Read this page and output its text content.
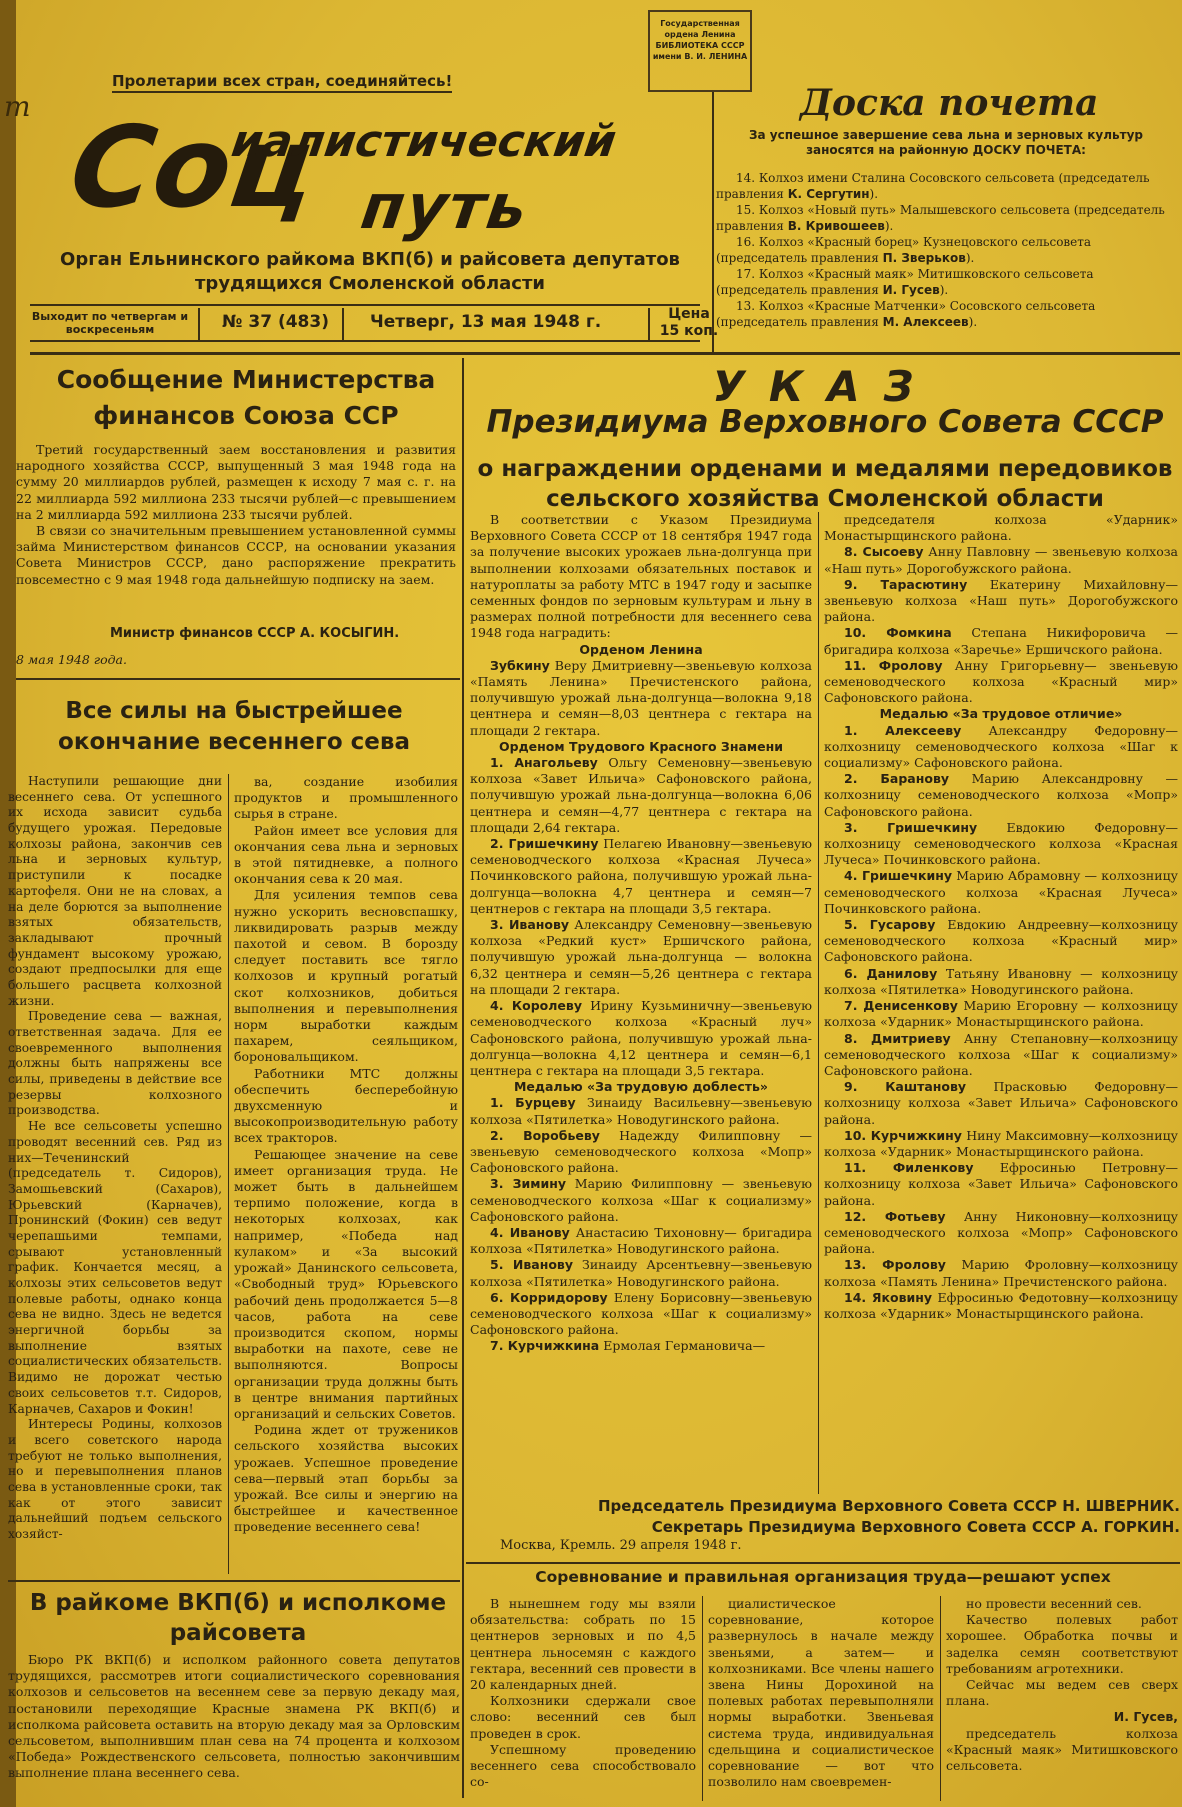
т
Государственная ордена Ленина БИБЛИОТЕКА СССР имени В. И. ЛЕНИНА
Пролетарии всех стран, соединяйтесь!
Соц
иалистический
путь
Орган Ельнинского райкома ВКП(б) и райсовета депутатов трудящихся Смоленской области
Выходит по четвергам и воскресеньям	№ 37 (483) Четверг, 13 мая 1948 г.	Цена 15 коп.
Доска почета
За успешное завершение сева льна и зерновых культур заносятся на районную ДОСКУ ПОЧЕТА:

14. Колхоз имени Сталина Сосовского сельсовета (председатель правления К. Сергутин).

15. Колхоз «Новый путь» Малышевского сельсовета (председатель правления В. Кривошеев).

16. Колхоз «Красный борец» Кузнецовского сельсовета (председатель правления П. Зверьков).

17. Колхоз «Красный маяк» Митишковского сельсовета (председатель правления И. Гусев).

13. Колхоз «Красные Матченки» Сосовского сельсовета (председатель правления М. Алексеев).

Сообщение Министерства финансов Союза ССР

Третий государственный заем восстановления и развития народного хозяйства СССР, выпущенный 3 мая 1948 года на сумму 20 миллиардов рублей, размещен к исходу 7 мая с. г. на 22 миллиарда 592 миллиона 233 тысячи рублей—с превышением на 2 миллиарда 592 миллиона 233 тысячи рублей.

В связи со значительным превышением установленной суммы займа Министерством финансов СССР, на основании указания Совета Министров СССР, дано распоряжение прекратить повсеместно с 9 мая 1948 года дальнейшую подписку на заем.

Министр финансов СССР А. КОСЫГИН.
8 мая 1948 года.
Все силы на быстрейшее окончание весеннего сева

Наступили решающие дни весеннего сева. От успешного их исхода зависит судьба будущего урожая. Передовые колхозы района, закончив сев льна и зерновых культур, приступили к посадке картофеля. Они не на словах, а на деле борются за выполнение взятых обязательств, закладывают прочный фундамент высокому урожаю, создают предпосылки для еще большего расцвета колхозной жизни.

Проведение сева — важная, ответственная задача. Для ее своевременного выполнения должны быть напряжены все силы, приведены в действие все резервы колхозного производства.

Не все сельсоветы успешно проводят весенний сев. Ряд из них—Теченинский (председатель т. Сидоров), Замошьевский (Сахаров), Юрьевский (Карначев), Пронинский (Фокин) сев ведут черепашьими темпами, срывают установленный график. Кончается месяц, а колхозы этих сельсоветов ведут полевые работы, однако конца сева не видно. Здесь не ведется энергичной борьбы за выполнение взятых социалистических обязательств. Видимо не дорожат честью своих сельсоветов т.т. Сидоров, Карначев, Сахаров и Фокин!

Интересы Родины, колхозов и всего советского народа требуют не только выполнения, но и перевыполнения планов сева в установленные сроки, так как от этого зависит дальнейший подъем сельского хозяйст-

ва, создание изобилия продуктов и промышленного сырья в стране.

Район имеет все условия для окончания сева льна и зерновых в этой пятидневке, а полного окончания сева к 20 мая.

Для усиления темпов сева нужно ускорить весновспашку, ликвидировать разрыв между пахотой и севом. В борозду следует поставить все тягло колхозов и крупный рогатый скот колхозников, добиться выполнения и перевыполнения норм выработки каждым пахарем, сеяльщиком, бороновальщиком.

Работники МТС должны обеспечить бесперебойную двухсменную и высокопроизводительную работу всех тракторов.

Решающее значение на севе имеет организация труда. Не может быть в дальнейшем терпимо положение, когда в некоторых колхозах, как например, «Победа над кулаком» и «За высокий урожай» Данинского сельсовета, «Свободный труд» Юрьевского рабочий день продолжается 5—8 часов, работа на севе производится скопом, нормы выработки на пахоте, севе не выполняются. Вопросы организации труда должны быть в центре внимания партийных организаций и сельских Советов.

Родина ждет от тружеников сельского хозяйства высоких урожаев. Успешное проведение сева—первый этап борьбы за урожай. Все силы и энергию на быстрейшее и качественное проведение весеннего сева!

В райкоме ВКП(б) и исполкоме райсовета

Бюро РК ВКП(б) и исполком районного совета депутатов трудящихся, рассмотрев итоги социалистического соревнования колхозов и сельсоветов на весеннем севе за первую декаду мая, постановили переходящие Красные знамена РК ВКП(б) и исполкома райсовета оставить на вторую декаду мая за Орловским сельсоветом, выполнившим план сева на 74 процента и колхозом «Победа» Рождественского сельсовета, полностью закончившим выполнение плана весеннего сева.

УКАЗ
Президиума Верховного Совета СССР
о награждении орденами и медалями передовиков сельского хозяйства Смоленской области

В соответствии с Указом Президиума Верховного Совета СССР от 18 сентября 1947 года за получение высоких урожаев льна-долгунца при выполнении колхозами обязательных поставок и натуроплаты за работу МТС в 1947 году и засыпке семенных фондов по зерновым культурам и льну в размерах полной потребности для весеннего сева 1948 года наградить:

Орденом Ленина

Зубкину Веру Дмитриевну—звеньевую колхоза «Память Ленина» Пречистенского района, получившую урожай льна-долгунца—волокна 9,18 центнера и семян—8,03 центнера с гектара на площади 2 гектара.

Орденом Трудового Красного Знамени

1. Анагольеву Ольгу Семеновну—звеньевую колхоза «Завет Ильича» Сафоновского района, получившую урожай льна-долгунца—волокна 6,06 центнера и семян—4,77 центнера с гектара на площади 2,64 гектара.

2. Гришечкину Пелагею Ивановну—звеньевую семеноводческого колхоза «Красная Лучеса» Починковского района, получившую урожай льна-долгунца—волокна 4,7 центнера и семян—7 центнеров с гектара на площади 3,5 гектара.

3. Иванову Александру Семеновну—звеньевую колхоза «Редкий куст» Ершичского района, получившую урожай льна-долгунца — волокна 6,32 центнера и семян—5,26 центнера с гектара на площади 2 гектара.

4. Королеву Ирину Кузьминичну—звеньевую семеноводческого колхоза «Красный луч» Сафоновского района, получившую урожай льна-долгунца—волокна 4,12 центнера и семян—6,1 центнера с гектара на площади 3,5 гектара.

Медалью «За трудовую доблесть»

1. Бурцеву Зинаиду Васильевну—звеньевую колхоза «Пятилетка» Новодугинского района.

2. Воробьеву Надежду Филипповну — звеньевую семеноводческого колхоза «Мопр» Сафоновского района.

3. Зимину Марию Филипповну — звеньевую семеноводческого колхоза «Шаг к социализму» Сафоновского района.

4. Иванову Анастасию Тихоновну— бригадира колхоза «Пятилетка» Новодугинского района.

5. Иванову Зинаиду Арсентьевну—звеньевую колхоза «Пятилетка» Новодугинского района.

6. Корридорову Елену Борисовну—звеньевую семеноводческого колхоза «Шаг к социализму» Сафоновского района.

7. Курчижкина Ермолая Германовича—

председателя колхоза «Ударник» Монастырщинского района.

8. Сысоеву Анну Павловну — звеньевую колхоза «Наш путь» Дорогобужского района.

9. Тарасютину Екатерину Михайловну—звеньевую колхоза «Наш путь» Дорогобужского района.

10. Фомкина Степана Никифоровича — бригадира колхоза «Заречье» Ершичского района.

11. Фролову Анну Григорьевну— звеньевую семеноводческого колхоза «Красный мир» Сафоновского района.

Медалью «За трудовое отличие»

1. Алексееву Александру Федоровну—колхозницу семеноводческого колхоза «Шаг к социализму» Сафоновского района.

2. Баранову Марию Александровну — колхозницу семеноводческого колхоза «Мопр» Сафоновского района.

3. Гришечкину Евдокию Федоровну—колхозницу семеноводческого колхоза «Красная Лучеса» Починковского района.

4. Гришечкину Марию Абрамовну — колхозницу семеноводческого колхоза «Красная Лучеса» Починковского района.

5. Гусарову Евдокию Андреевну—колхозницу семеноводческого колхоза «Красный мир» Сафоновского района.

6. Данилову Татьяну Ивановну — колхозницу колхоза «Пятилетка» Новодугинского района.

7. Денисенкову Марию Егоровну — колхозницу колхоза «Ударник» Монастырщинского района.

8. Дмитриеву Анну Степановну—колхозницу семеноводческого колхоза «Шаг к социализму» Сафоновского района.

9. Каштанову Прасковью Федоровну—колхозницу колхоза «Завет Ильича» Сафоновского района.

10. Курчижкину Нину Максимовну—колхозницу колхоза «Ударник» Монастырщинского района.

11. Филенкову Ефросинью Петровну—колхозницу колхоза «Завет Ильича» Сафоновского района.

12. Фотьеву Анну Никоновну—колхозницу семеноводческого колхоза «Мопр» Сафоновского района.

13. Фролову Марию Фроловну—колхозницу колхоза «Память Ленина» Пречистенского района.

14. Яковину Ефросинью Федотовну—колхозницу колхоза «Ударник» Монастырщинского района.

Председатель Президиума Верховного Совета СССР Н. ШВЕРНИК.
Секретарь Президиума Верховного Совета СССР А. ГОРКИН.
Москва, Кремль. 29 апреля 1948 г.
Соревнование и правильная организация труда—решают успех

В нынешнем году мы взяли обязательства: собрать по 15 центнеров зерновых и по 4,5 центнера льносемян с каждого гектара, весенний сев провести в 20 календарных дней.

Колхозники сдержали свое слово: весенний сев был проведен в срок.

Успешному проведению весеннего сева способствовало со-

циалистическое соревнование, которое развернулось в начале между звеньями, а затем— и колхозниками. Все члены нашего звена Нины Дорохиной на полевых работах перевыполняли нормы выработки. Звеньевая система труда, индивидуальная сдельщина и социалистическое соревнование — вот что позволило нам своевремен-

но провести весенний сев.

Качество полевых работ хорошее. Обработка почвы и заделка семян соответствуют требованиям агротехники.

Сейчас мы ведем сев сверх плана.

И. Гусев,

председатель колхоза «Красный маяк» Митишковского сельсовета.
